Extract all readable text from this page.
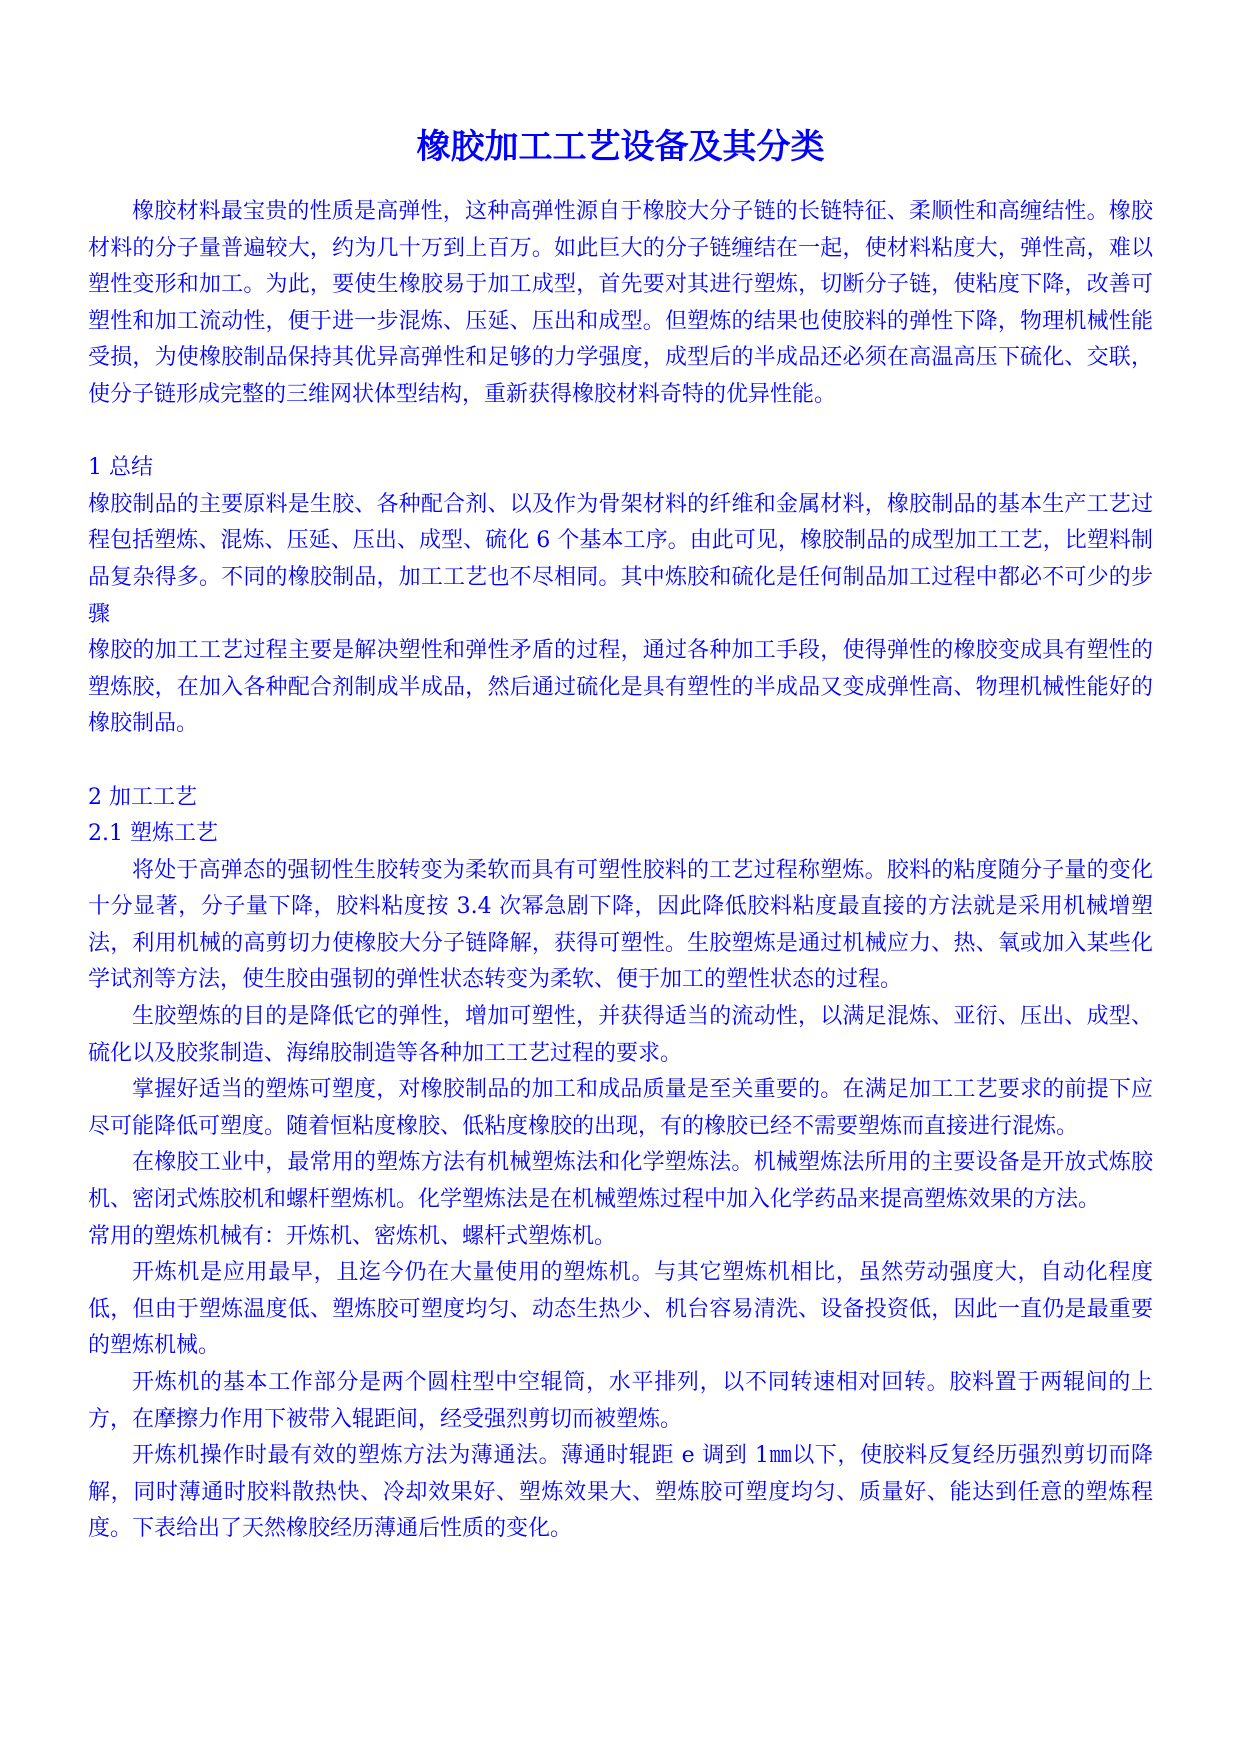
橡胶加工工艺设备及其分类

橡胶材料最宝贵的性质是高弹性，这种高弹性源自于橡胶大分子链的长链特征、柔顺性和高缠结性。橡胶材料的分子量普遍较大，约为几十万到上百万。如此巨大的分子链缠结在一起，使材料粘度大，弹性高，难以塑性变形和加工。为此，要使生橡胶易于加工成型，首先要对其进行塑炼，切断分子链，使粘度下降，改善可塑性和加工流动性，便于进一步混炼、压延、压出和成型。但塑炼的结果也使胶料的弹性下降，物理机械性能受损，为使橡胶制品保持其优异高弹性和足够的力学强度，成型后的半成品还必须在高温高压下硫化、交联，使分子链形成完整的三维网状体型结构，重新获得橡胶材料奇特的优异性能。

1 总结

橡胶制品的主要原料是生胶、各种配合剂、以及作为骨架材料的纤维和金属材料，橡胶制品的基本生产工艺过程包括塑炼、混炼、压延、压出、成型、硫化 6 个基本工序。由此可见，橡胶制品的成型加工工艺，比塑料制品复杂得多。不同的橡胶制品，加工工艺也不尽相同。其中炼胶和硫化是任何制品加工过程中都必不可少的步骤

橡胶的加工工艺过程主要是解决塑性和弹性矛盾的过程，通过各种加工手段，使得弹性的橡胶变成具有塑性的塑炼胶，在加入各种配合剂制成半成品，然后通过硫化是具有塑性的半成品又变成弹性高、物理机械性能好的橡胶制品。

2 加工工艺
2.1 塑炼工艺

将处于高弹态的强韧性生胶转变为柔软而具有可塑性胶料的工艺过程称塑炼。胶料的粘度随分子量的变化十分显著，分子量下降，胶料粘度按 3.4 次幂急剧下降，因此降低胶料粘度最直接的方法就是采用机械增塑法，利用机械的高剪切力使橡胶大分子链降解，获得可塑性。生胶塑炼是通过机械应力、热、氧或加入某些化学试剂等方法，使生胶由强韧的弹性状态转变为柔软、便于加工的塑性状态的过程。

生胶塑炼的目的是降低它的弹性，增加可塑性，并获得适当的流动性，以满足混炼、亚衍、压出、成型、硫化以及胶浆制造、海绵胶制造等各种加工工艺过程的要求。

掌握好适当的塑炼可塑度，对橡胶制品的加工和成品质量是至关重要的。在满足加工工艺要求的前提下应尽可能降低可塑度。随着恒粘度橡胶、低粘度橡胶的出现，有的橡胶已经不需要塑炼而直接进行混炼。

在橡胶工业中，最常用的塑炼方法有机械塑炼法和化学塑炼法。机械塑炼法所用的主要设备是开放式炼胶机、密闭式炼胶机和螺杆塑炼机。化学塑炼法是在机械塑炼过程中加入化学药品来提高塑炼效果的方法。

常用的塑炼机械有：开炼机、密炼机、螺杆式塑炼机。

开炼机是应用最早，且迄今仍在大量使用的塑炼机。与其它塑炼机相比，虽然劳动强度大，自动化程度低，但由于塑炼温度低、塑炼胶可塑度均匀、动态生热少、机台容易清洗、设备投资低，因此一直仍是最重要的塑炼机械。

开炼机的基本工作部分是两个圆柱型中空辊筒，水平排列，以不同转速相对回转。胶料置于两辊间的上方，在摩擦力作用下被带入辊距间，经受强烈剪切而被塑炼。

开炼机操作时最有效的塑炼方法为薄通法。薄通时辊距 e 调到 1㎜以下，使胶料反复经历强烈剪切而降解，同时薄通时胶料散热快、冷却效果好、塑炼效果大、塑炼胶可塑度均匀、质量好、能达到任意的塑炼程度。下表给出了天然橡胶经历薄通后性质的变化。
